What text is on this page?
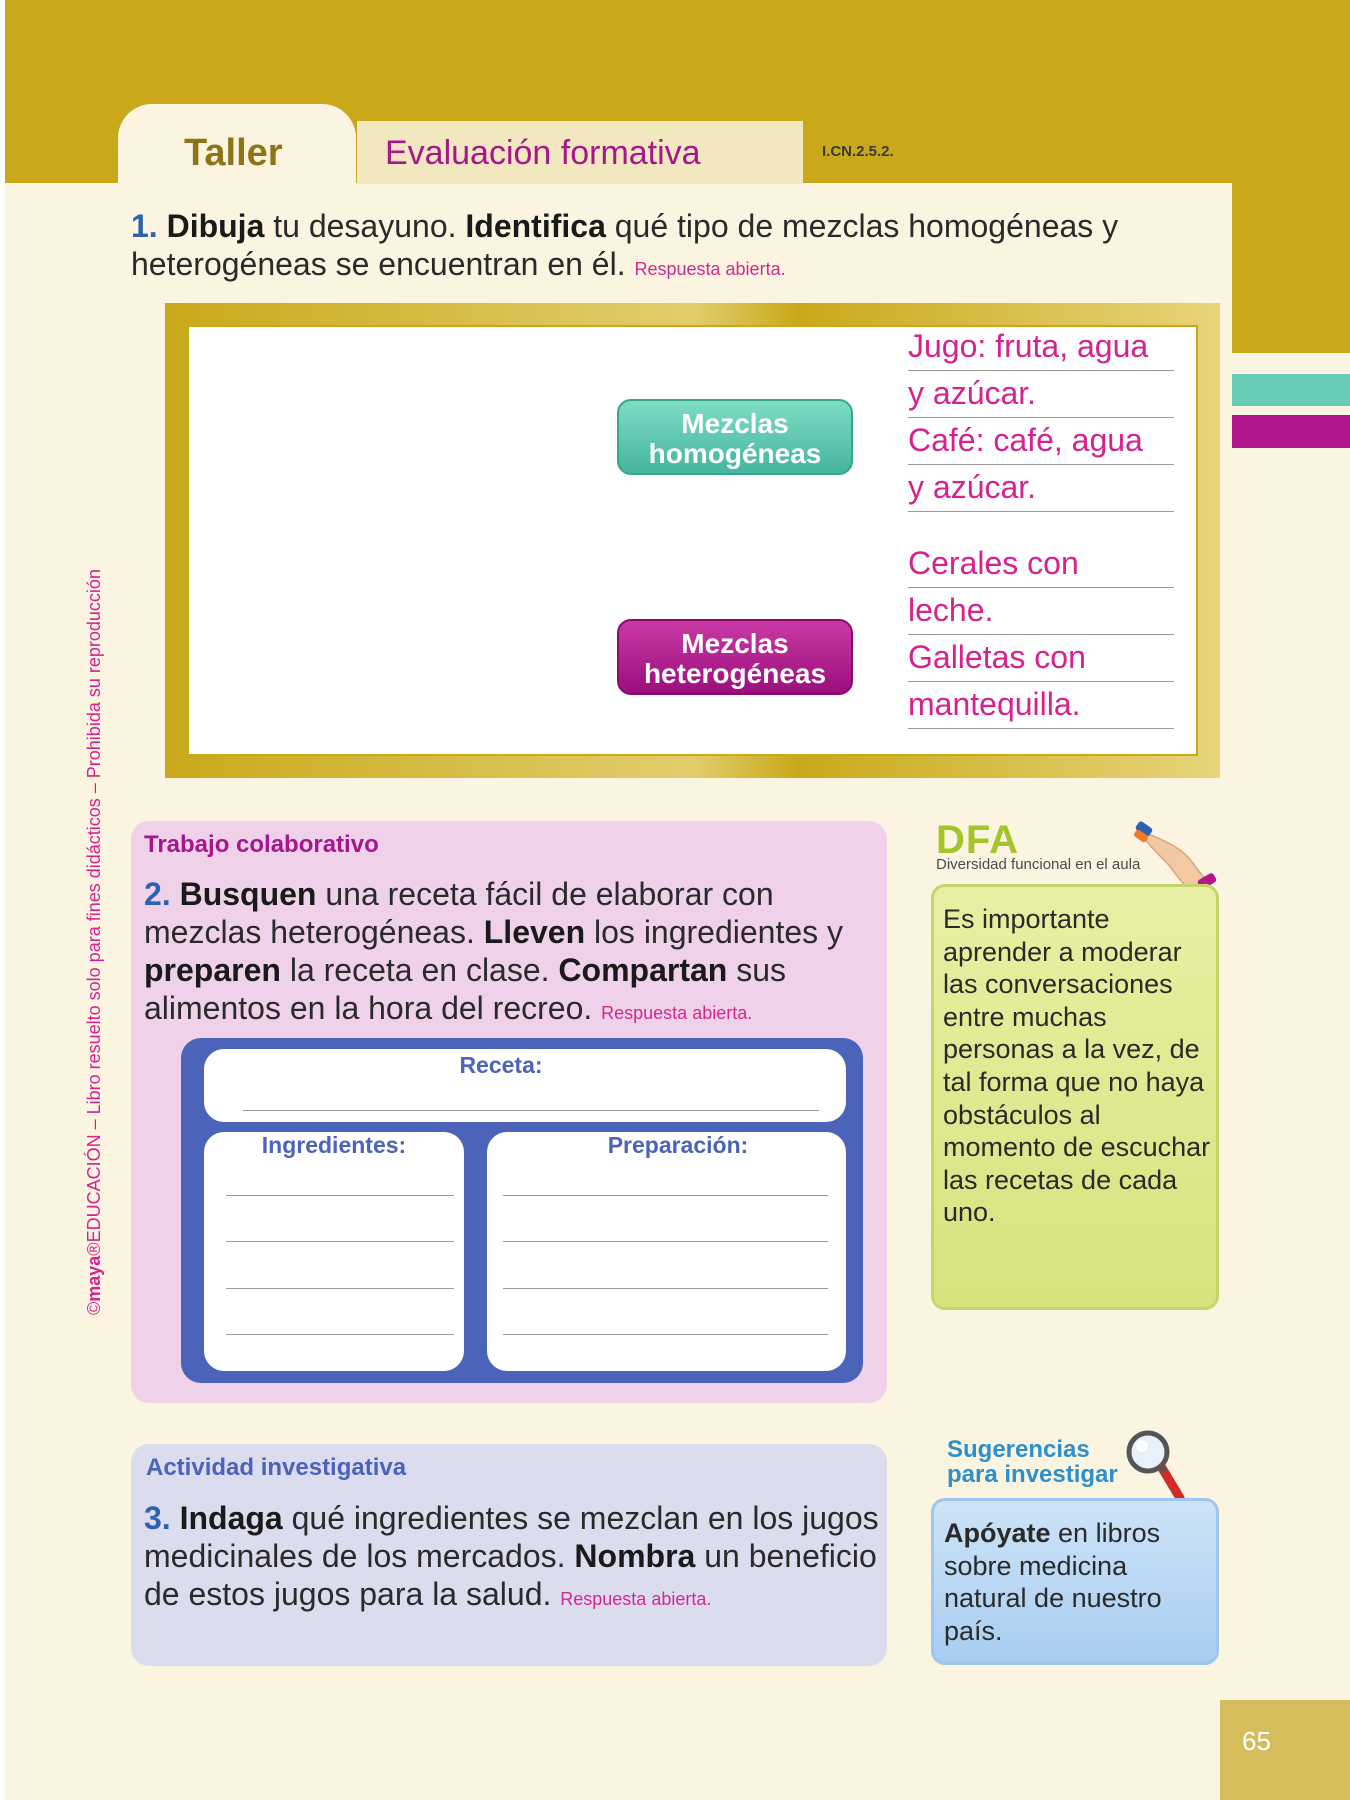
Taller	Evaluación formativa	I.CN.2.5.2.
1. Dibuja tu desayuno. Identifica qué tipo de mezclas homogéneas y heterogéneas se encuentran en él. Respuesta abierta.
Mezclas homogéneas
Mezclas heterogéneas
Jugo: fruta, agua
y azúcar.
Café: café, agua
y azúcar.
Cerales con
leche.
Galletas con
mantequilla.
Trabajo colaborativo
2. Busquen una receta fácil de elaborar con mezclas heterogéneas. Lleven los ingredientes y preparen la receta en clase. Compartan sus alimentos en la hora del recreo. Respuesta abierta.
Receta:
Ingredientes:	Preparación:
DFA
Diversidad funcional en el aula
Es importante aprender a moderar las conversaciones entre muchas personas a la vez, de tal forma que no haya obstáculos al momento de escuchar las recetas de cada uno.
Actividad investigativa
3. Indaga qué ingredientes se mezclan en los jugos medicinales de los mercados. Nombra un beneficio de estos jugos para la salud. Respuesta abierta.
Sugerencias para investigar
Apóyate en libros sobre medicina natural de nuestro país.
©maya®EDUCACIÓN – Libro resuelto solo para fines didácticos – Prohibida su reproducción
65
